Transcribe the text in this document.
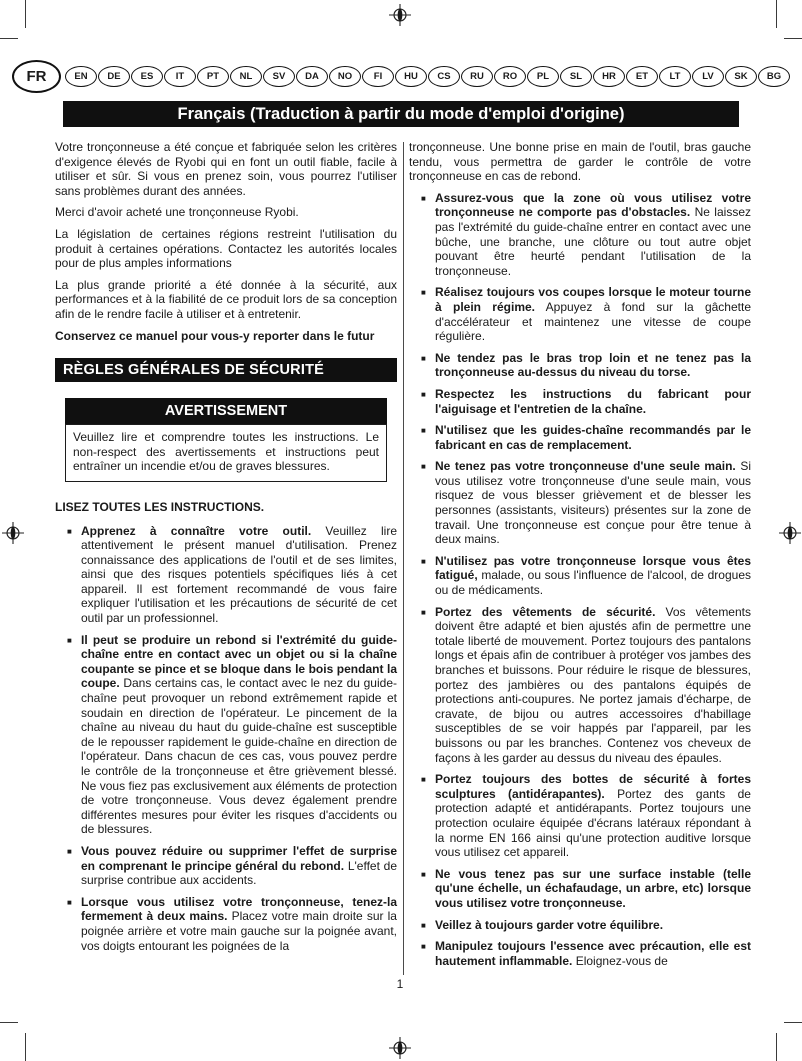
FR	EN DE ES IT PT NL SV DA NO FI HU CS RU RO PL SL HR ET LT LV SK BG
Français (Traduction à partir du mode d'emploi d'origine)

Votre tronçonneuse a été conçue et fabriquée selon les critères d'exigence élevés de Ryobi qui en font un outil fiable, facile à utiliser et sûr. Si vous en prenez soin, vous pourrez l'utiliser sans problèmes durant des années.

Merci d'avoir acheté une tronçonneuse Ryobi.

La législation de certaines régions restreint l'utilisation du produit à certaines opérations. Contactez les autorités locales pour de plus amples informations

La plus grande priorité a été donnée à la sécurité, aux performances et à la fiabilité de ce produit lors de sa conception afin de le rendre facile à utiliser et à entretenir.

Conservez ce manuel pour vous-y reporter dans le futur

RÈGLES GÉNÉRALES DE SÉCURITÉ
AVERTISSEMENT

Veuillez lire et comprendre toutes les instructions. Le non-respect des avertissements et instructions peut entraîner un incendie et/ou de graves blessures.

LISEZ TOUTES LES INSTRUCTIONS.

■ Apprenez à connaître votre outil. Veuillez lire attentivement le présent manuel d'utilisation. Prenez connaissance des applications de l'outil et de ses limites, ainsi que des risques potentiels spécifiques liés à cet appareil. Il est fortement recommandé de vous faire expliquer l'utilisation et les précautions de sécurité de cet outil par un professionnel.
■ Il peut se produire un rebond si l'extrémité du guide-chaîne entre en contact avec un objet ou si la chaîne coupante se pince et se bloque dans le bois pendant la coupe. Dans certains cas, le contact avec le nez du guide-chaîne peut provoquer un rebond extrêmement rapide et soudain en direction de l'opérateur. Le pincement de la chaîne au niveau du haut du guide-chaîne est susceptible de le repousser rapidement le guide-chaîne en direction de l'opérateur. Dans chacun de ces cas, vous pouvez perdre le contrôle de la tronçonneuse et être grièvement blessé. Ne vous fiez pas exclusivement aux éléments de protection de votre tronçonneuse. Vous devez également prendre différentes mesures pour éviter les risques d'accidents ou de blessures.
■ Vous pouvez réduire ou supprimer l'effet de surprise en comprenant le principe général du rebond. L'effet de surprise contribue aux accidents.
■ Lorsque vous utilisez votre tronçonneuse, tenez-la fermement à deux mains. Placez votre main droite sur la poignée arrière et votre main gauche sur la poignée avant, vos doigts entourant les poignées de la

tronçonneuse. Une bonne prise en main de l'outil, bras gauche tendu, vous permettra de garder le contrôle de votre tronçonneuse en cas de rebond.

■ Assurez-vous que la zone où vous utilisez votre tronçonneuse ne comporte pas d'obstacles. Ne laissez pas l'extrémité du guide-chaîne entrer en contact avec une bûche, une branche, une clôture ou tout autre objet pouvant être heurté pendant l'utilisation de la tronçonneuse.
■ Réalisez toujours vos coupes lorsque le moteur tourne à plein régime. Appuyez à fond sur la gâchette d'accélérateur et maintenez une vitesse de coupe régulière.
■ Ne tendez pas le bras trop loin et ne tenez pas la tronçonneuse au-dessus du niveau du torse.
■ Respectez les instructions du fabricant pour l'aiguisage et l'entretien de la chaîne.
■ N'utilisez que les guides-chaîne recommandés par le fabricant en cas de remplacement.
■ Ne tenez pas votre tronçonneuse d'une seule main. Si vous utilisez votre tronçonneuse d'une seule main, vous risquez de vous blesser grièvement et de blesser les personnes (assistants, visiteurs) présentes sur la zone de travail. Une tronçonneuse est conçue pour être tenue à deux mains.
■ N'utilisez pas votre tronçonneuse lorsque vous êtes fatigué, malade, ou sous l'influence de l'alcool, de drogues ou de médicaments.
■ Portez des vêtements de sécurité. Vos vêtements doivent être adapté et bien ajustés afin de permettre une totale liberté de mouvement. Portez toujours des pantalons longs et épais afin de contribuer à protéger vos jambes des branches et buissons. Pour réduire le risque de blessures, portez des jambières ou des pantalons équipés de protections anti-coupures. Ne portez jamais d'écharpe, de cravate, de bijou ou autres accessoires d'habillage susceptibles de se voir happés par l'appareil, par les buissons ou par les branches. Contenez vos cheveux de façons à les garder au dessus du niveau des épaules.
■ Portez toujours des bottes de sécurité à fortes sculptures (antidérapantes). Portez des gants de protection adapté et antidérapants. Portez toujours une protection oculaire équipée d'écrans latéraux répondant à la norme EN 166 ainsi qu'une protection auditive lorsque vous utilisez cet appareil.
■ Ne vous tenez pas sur une surface instable (telle qu'une échelle, un échafaudage, un arbre, etc) lorsque vous utilisez votre tronçonneuse.
■ Veillez à toujours garder votre équilibre.
■ Manipulez toujours l'essence avec précaution, elle est hautement inflammable. Eloignez-vous de
1
